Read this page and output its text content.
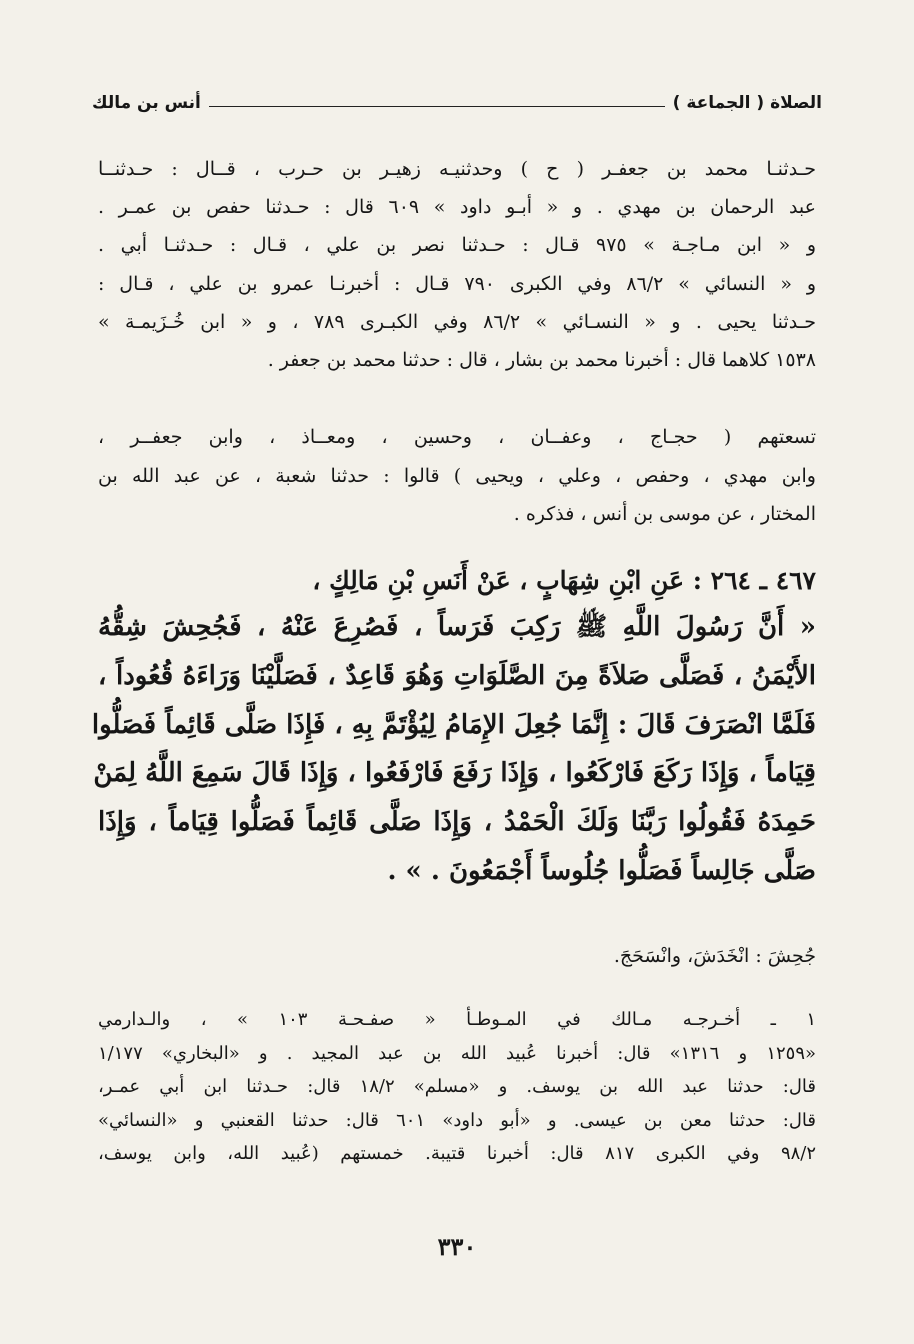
الصلاة ( الجماعة )
أنس بن مالك
حـدثنـا محمد بن جعفـر ( ح ) وحدثنيـه زهيـر بن حـرب ، قــال : حـدثنــا
عبد الرحمان بن مهدي . و « أبـو داود » ٦٠٩ قال : حـدثنا حفص بن عمـر .
و « ابن مـاجـة » ٩٧٥ قـال : حـدثنا نصر بن علي ، قـال : حـدثنـا أبي .
و « النسائي » ٨٦/٢ وفي الكبرى ٧٩٠ قـال : أخبرنـا عمرو بن علي ، قـال :
حـدثنا يحيى . و « النسـائي » ٨٦/٢ وفي الكبـرى ٧٨٩ ، و « ابن خُـزَيمـة »
١٥٣٨ كلاهما قال : أخبرنا محمد بن بشار ، قال : حدثنا محمد بن جعفر .
تسعتهم ( حجـاج ، وعفــان ، وحسين ، ومعــاذ ، وابن جعفــر ،
وابن مهدي ، وحفص ، وعلي ، ويحيى ) قالوا : حدثنا شعبة ، عن عبد الله بن
المختار ، عن موسى بن أنس ، فذكره .
٤٦٧ ـ ٢٦٤ : عَنِ ابْنِ شِهَابٍ ، عَنْ أَنَسِ بْنِ مَالِكٍ ،
« أَنَّ رَسُولَ اللَّهِ ﷺ رَكِبَ فَرَساً ، فَصُرِعَ عَنْهُ ، فَجُحِشَ شِقُّهُ
الأَيْمَنُ ، فَصَلَّى صَلاَةً مِنَ الصَّلَوَاتِ وَهُوَ قَاعِدٌ ، فَصَلَّيْنَا وَرَاءَهُ قُعُوداً ،
فَلَمَّا انْصَرَفَ قَالَ : إِنَّمَا جُعِلَ الإِمَامُ لِيُؤْتَمَّ بِهِ ، فَإِذَا صَلَّى قَائِماً فَصَلُّوا
قِيَاماً ، وَإِذَا رَكَعَ فَارْكَعُوا ، وَإِذَا رَفَعَ فَارْفَعُوا ، وَإِذَا قَالَ سَمِعَ اللَّهُ لِمَنْ
حَمِدَهُ فَقُولُوا رَبَّنَا وَلَكَ الْحَمْدُ ، وَإِذَا صَلَّى قَائِماً فَصَلُّوا قِيَاماً ، وَإِذَا
صَلَّى جَالِساً فَصَلُّوا جُلُوساً أَجْمَعُونَ . » .
جُحِشَ : انْخَدَشَ، وانْسَحَجَ.
١ ـ أخـرجـه مـالك في المـوطـأ « صفـحـة ١٠٣ » ، والـدارمي
«١٢٥٩ و ١٣١٦» قال: أخبرنا عُبيد الله بن عبد المجيد . و «البخاري» ١/١٧٧
قال: حدثنا عبد الله بن يوسف. و «مسلم» ١٨/٢ قال: حـدثنا ابن أبي عمـر،
قال: حدثنا معن بن عيسى. و «أبو داود» ٦٠١ قال: حدثنا القعنبي و «النسائي»
٩٨/٢ وفي الكبرى ٨١٧ قال: أخبرنا قتيبة. خمستهم (عُبيد الله، وابن يوسف،
٣٣٠
